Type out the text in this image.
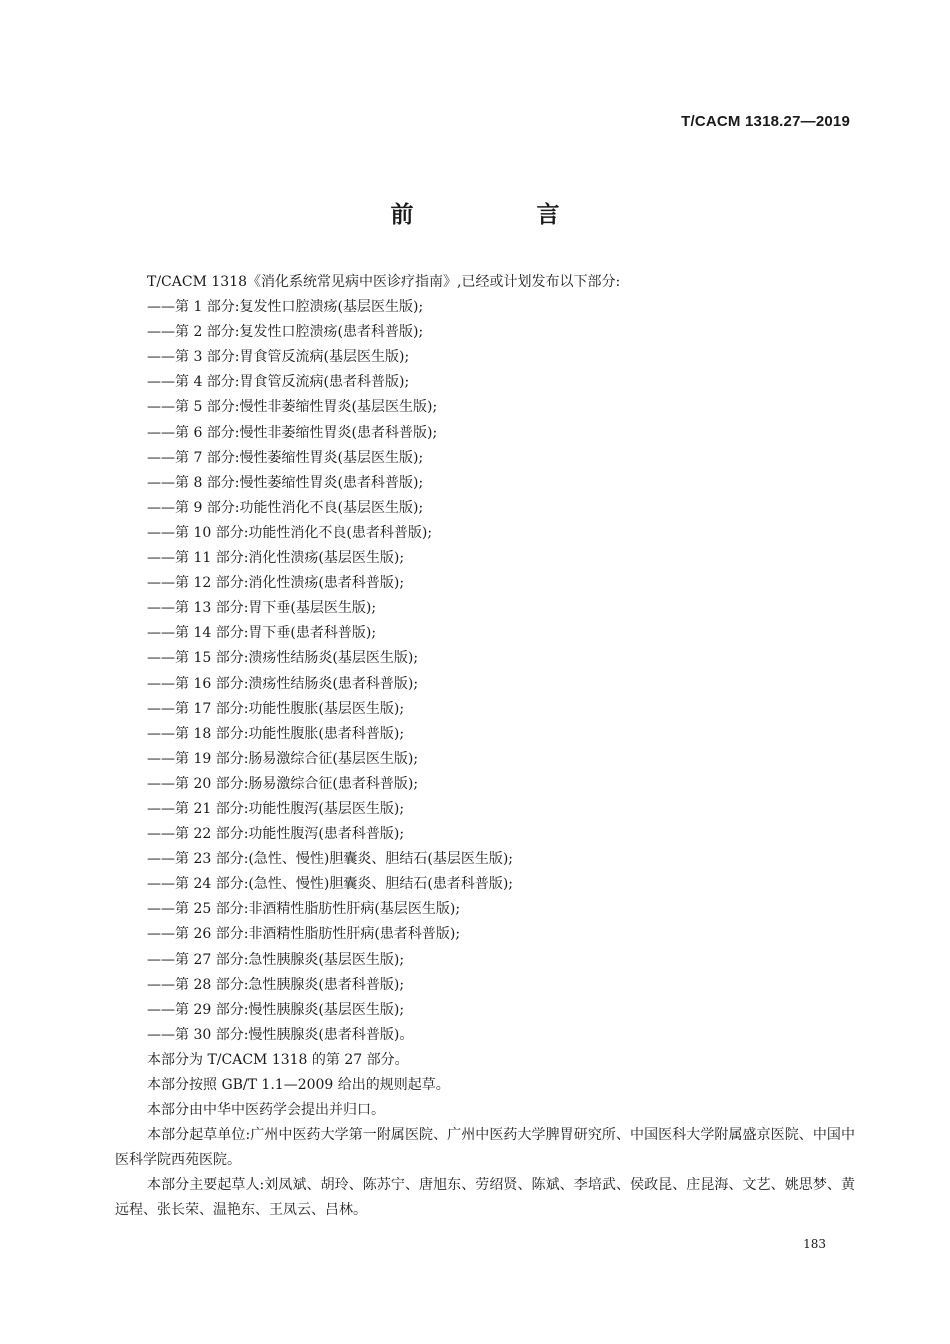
T/CACM 1318.27—2019
前　言

T/CACM 1318《消化系统常见病中医诊疗指南》,已经或计划发布以下部分:

——第 1 部分:复发性口腔溃疡(基层医生版);

——第 2 部分:复发性口腔溃疡(患者科普版);

——第 3 部分:胃食管反流病(基层医生版);

——第 4 部分:胃食管反流病(患者科普版);

——第 5 部分:慢性非萎缩性胃炎(基层医生版);

——第 6 部分:慢性非萎缩性胃炎(患者科普版);

——第 7 部分:慢性萎缩性胃炎(基层医生版);

——第 8 部分:慢性萎缩性胃炎(患者科普版);

——第 9 部分:功能性消化不良(基层医生版);

——第 10 部分:功能性消化不良(患者科普版);

——第 11 部分:消化性溃疡(基层医生版);

——第 12 部分:消化性溃疡(患者科普版);

——第 13 部分:胃下垂(基层医生版);

——第 14 部分:胃下垂(患者科普版);

——第 15 部分:溃疡性结肠炎(基层医生版);

——第 16 部分:溃疡性结肠炎(患者科普版);

——第 17 部分:功能性腹胀(基层医生版);

——第 18 部分:功能性腹胀(患者科普版);

——第 19 部分:肠易激综合征(基层医生版);

——第 20 部分:肠易激综合征(患者科普版);

——第 21 部分:功能性腹泻(基层医生版);

——第 22 部分:功能性腹泻(患者科普版);

——第 23 部分:(急性、慢性)胆囊炎、胆结石(基层医生版);

——第 24 部分:(急性、慢性)胆囊炎、胆结石(患者科普版);

——第 25 部分:非酒精性脂肪性肝病(基层医生版);

——第 26 部分:非酒精性脂肪性肝病(患者科普版);

——第 27 部分:急性胰腺炎(基层医生版);

——第 28 部分:急性胰腺炎(患者科普版);

——第 29 部分:慢性胰腺炎(基层医生版);

——第 30 部分:慢性胰腺炎(患者科普版)。

本部分为 T/CACM 1318 的第 27 部分。

本部分按照 GB/T 1.1—2009 给出的规则起草。

本部分由中华中医药学会提出并归口。

本部分起草单位:广州中医药大学第一附属医院、广州中医药大学脾胃研究所、中国医科大学附属盛京医院、中国中医科学院西苑医院。

本部分主要起草人:刘凤斌、胡玲、陈苏宁、唐旭东、劳绍贤、陈斌、李培武、侯政昆、庄昆海、文艺、姚思梦、黄远程、张长荣、温艳东、王凤云、吕林。

183
